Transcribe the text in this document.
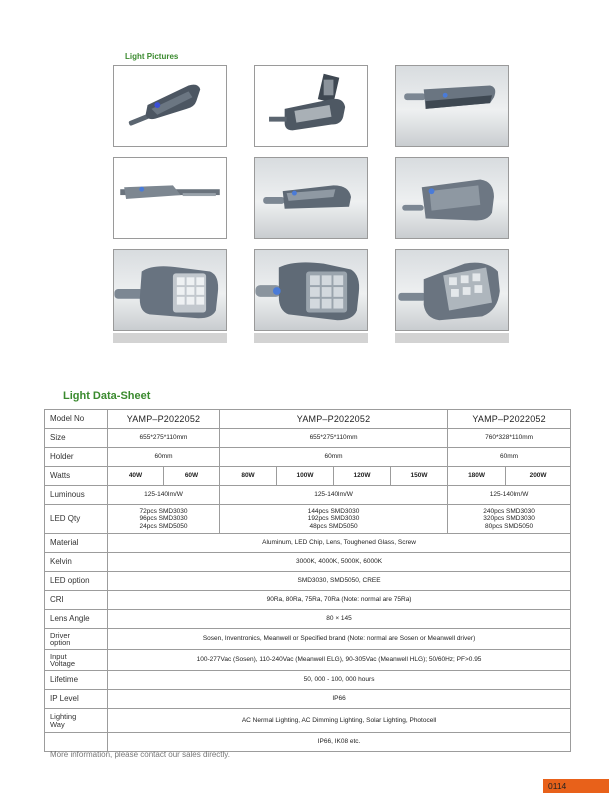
Light Pictures
Light Data-Sheet
Model No	YAMP–P2022052		YAMP–P2022052				YAMP–P2022052	
Size	655*275*110mm		655*275*110mm				760*328*110mm	
Holder	60mm		60mm				60mm	
Watts	40W	60W	80W	100W	120W	150W	180W	200W
Luminous	125-140lm/W		125-140lm/W				125-140lm/W	
LED Qty	72pcs SMD3030
96pcs SMD3030
24pcs SMD5050		144pcs SMD3030
192pcs SMD3030
48pcs SMD5050				240pcs SMD3030
320pcs SMD3030
80pcs SMD5050	

Material	Aluminum, LED Chip, Lens, Toughened Glass, Screw							
Kelvin	3000K, 4000K, 5000K, 6000K							
LED option	SMD3030, SMD5050, CREE							
CRI	90Ra, 80Ra, 75Ra, 70Ra (Note: normal are 75Ra)							
Lens Angle	80 × 145							

Driver
option	Sosen, Inventronics, Meanwell or Specified brand (Note: normal are Sosen or Meanwell driver)							

Input
Voltage	100-277Vac (Sosen), 110-240Vac (Meanwell ELG), 90-305Vac (Meanwell HLG); 50/60Hz; PF>0.95							
Lifetime	50, 000 - 100, 000 hours							
IP Level	IP66							

Lighting
Way	AC Nermal Lighting, AC Dimming Lighting, Solar Lighting, Photocell							
	IP66, IK08 etc.							
More information, please contact our sales directly.
0114
